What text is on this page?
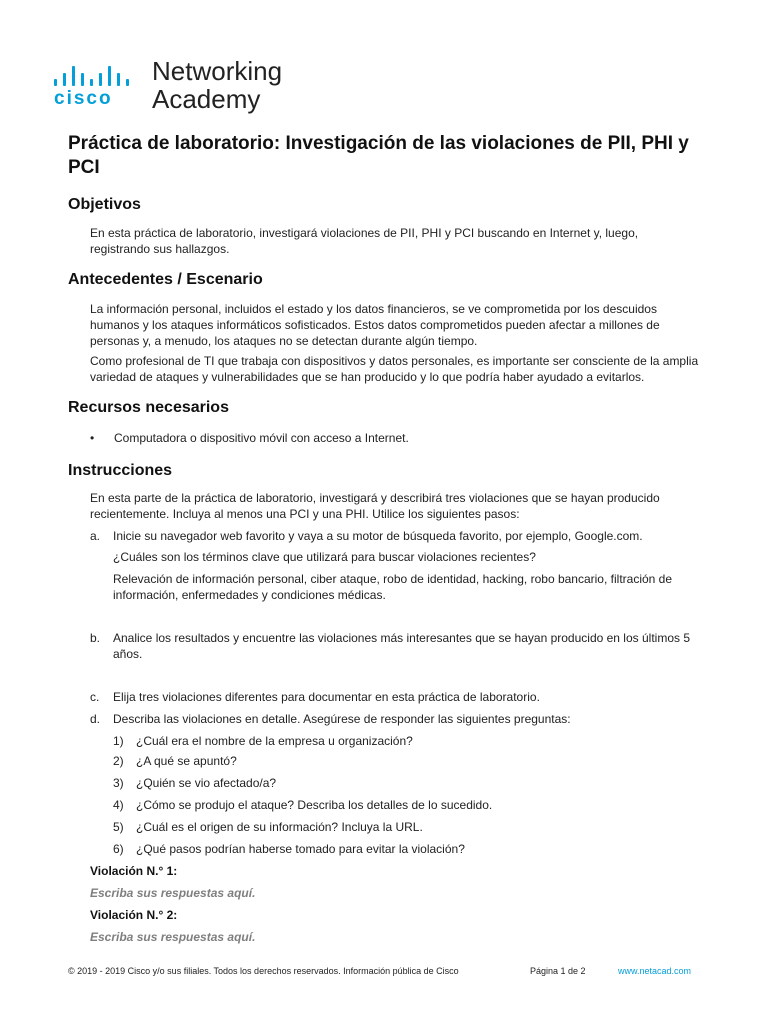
cisco
Networking
Academy
Práctica de laboratorio: Investigación de las violaciones de PII, PHI y PCI
Objetivos

En esta práctica de laboratorio, investigará violaciones de PII, PHI y PCI buscando en Internet y, luego, registrando sus hallazgos.

Antecedentes / Escenario

La información personal, incluidos el estado y los datos financieros, se ve comprometida por los descuidos humanos y los ataques informáticos sofisticados. Estos datos comprometidos pueden afectar a millones de personas y, a menudo, los ataques no se detectan durante algún tiempo.

Como profesional de TI que trabaja con dispositivos y datos personales, es importante ser consciente de la amplia variedad de ataques y vulnerabilidades que se han producido y lo que podría haber ayudado a evitarlos.

Recursos necesarios
• Computadora o dispositivo móvil con acceso a Internet.
Instrucciones

En esta parte de la práctica de laboratorio, investigará y describirá tres violaciones que se hayan producido recientemente. Incluya al menos una PCI y una PHI. Utilice los siguientes pasos:

a. Inicie su navegador web favorito y vaya a su motor de búsqueda favorito, por ejemplo, Google.com.
¿Cuáles son los términos clave que utilizará para buscar violaciones recientes?
Relevación de información personal, ciber ataque, robo de identidad, hacking, robo bancario, filtración de información, enfermedades y condiciones médicas.
b. Analice los resultados y encuentre las violaciones más interesantes que se hayan producido en los últimos 5 años.
c. Elija tres violaciones diferentes para documentar en esta práctica de laboratorio.
d. Describa las violaciones en detalle. Asegúrese de responder las siguientes preguntas:
1) ¿Cuál era el nombre de la empresa u organización?
2) ¿A qué se apuntó?
3) ¿Quién se vio afectado/a?
4) ¿Cómo se produjo el ataque? Describa los detalles de lo sucedido.
5) ¿Cuál es el origen de su información? Incluya la URL.
6) ¿Qué pasos podrían haberse tomado para evitar la violación?
Violación N.° 1:
Escriba sus respuestas aquí.
Violación N.° 2:
Escriba sus respuestas aquí.
© 2019 - 2019 Cisco y/o sus filiales. Todos los derechos reservados. Información pública de Cisco	Página 1 de 2	www.netacad.com
